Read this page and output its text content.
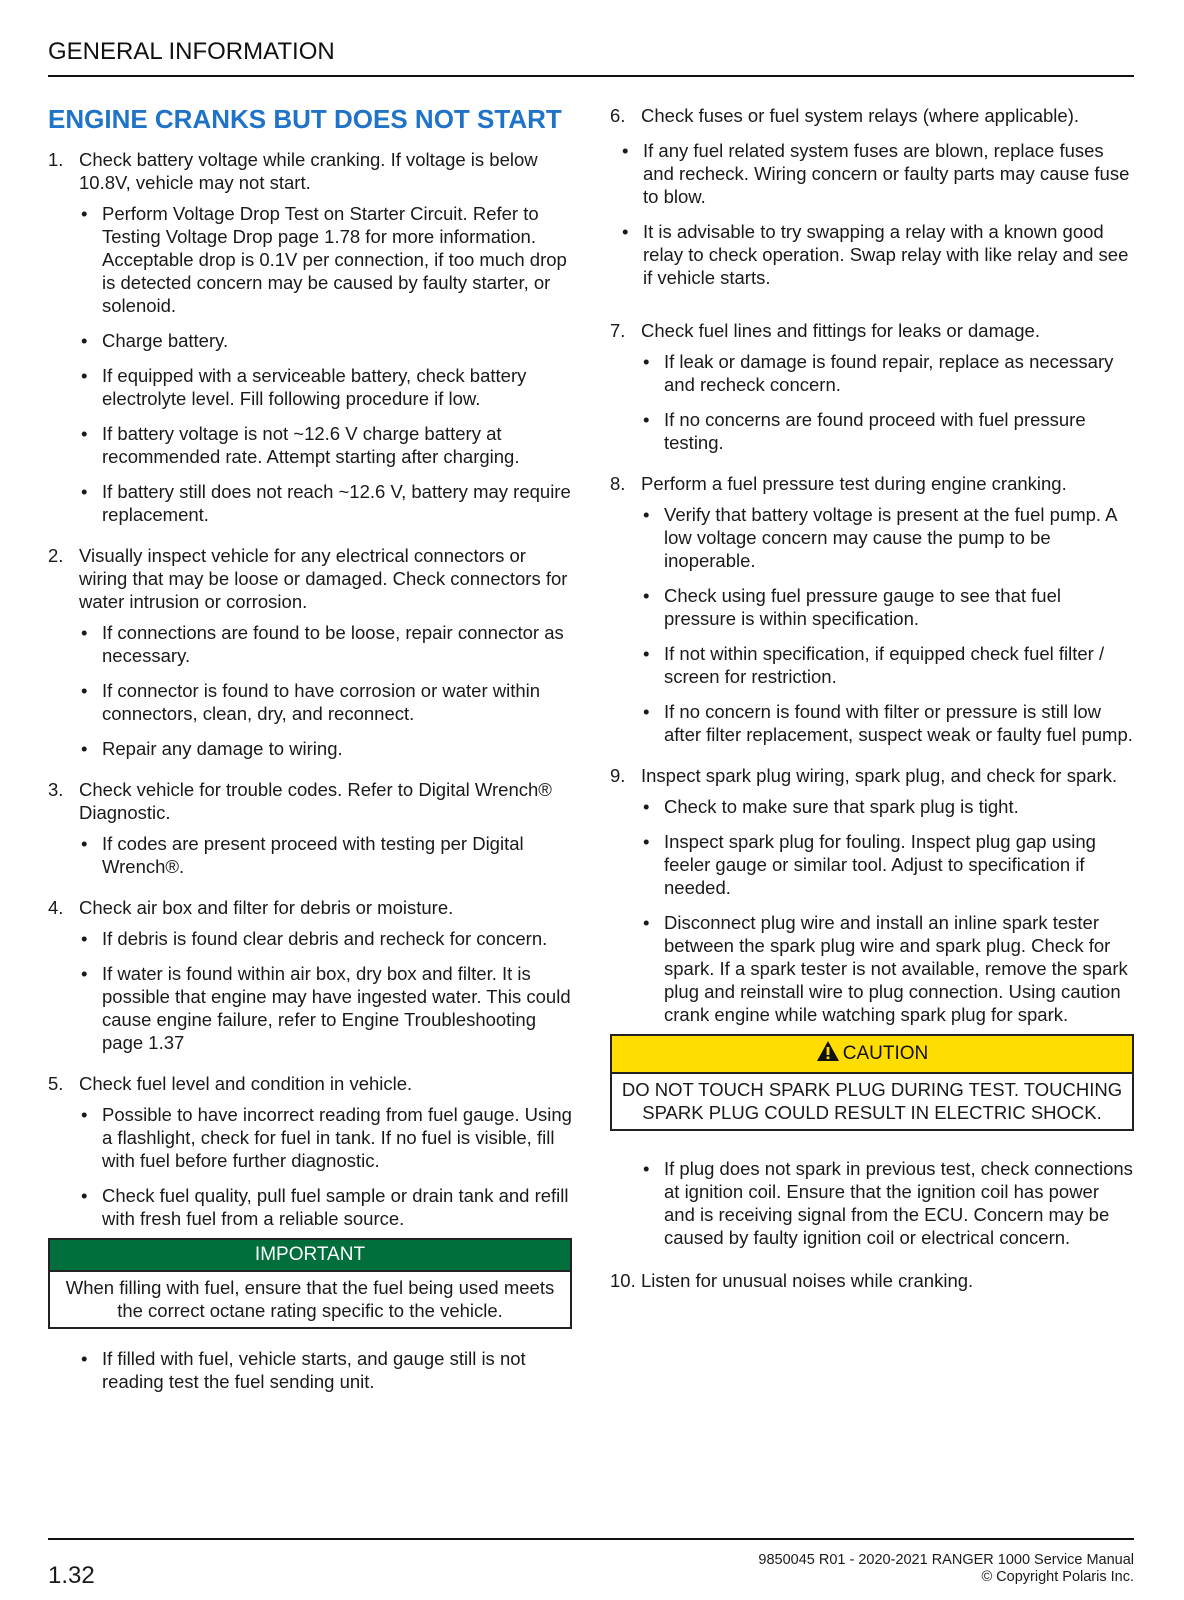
GENERAL INFORMATION
ENGINE CRANKS BUT DOES NOT START
1. Check battery voltage while cranking. If voltage is below 10.8V, vehicle may not start.
• Perform Voltage Drop Test on Starter Circuit. Refer to Testing Voltage Drop page 1.78 for more information. Acceptable drop is 0.1V per connection, if too much drop is detected concern may be caused by faulty starter, or solenoid.
• Charge battery.
• If equipped with a serviceable battery, check battery electrolyte level. Fill following procedure if low.
• If battery voltage is not ~12.6 V charge battery at recommended rate. Attempt starting after charging.
• If battery still does not reach ~12.6 V, battery may require replacement.
2. Visually inspect vehicle for any electrical connectors or wiring that may be loose or damaged. Check connectors for water intrusion or corrosion.
• If connections are found to be loose, repair connector as necessary.
• If connector is found to have corrosion or water within connectors, clean, dry, and reconnect.
• Repair any damage to wiring.
3. Check vehicle for trouble codes. Refer to Digital Wrench® Diagnostic.
• If codes are present proceed with testing per Digital Wrench®.
4. Check air box and filter for debris or moisture.
• If debris is found clear debris and recheck for concern.
• If water is found within air box, dry box and filter. It is possible that engine may have ingested water. This could cause engine failure, refer to Engine Troubleshooting page 1.37
5. Check fuel level and condition in vehicle.
• Possible to have incorrect reading from fuel gauge. Using a flashlight, check for fuel in tank. If no fuel is visible, fill with fuel before further diagnostic.
• Check fuel quality, pull fuel sample or drain tank and refill with fresh fuel from a reliable source.
IMPORTANT
When filling with fuel, ensure that the fuel being used meets the correct octane rating specific to the vehicle.
• If filled with fuel, vehicle starts, and gauge still is not reading test the fuel sending unit.
6. Check fuses or fuel system relays (where applicable).
• If any fuel related system fuses are blown, replace fuses and recheck. Wiring concern or faulty parts may cause fuse to blow.
• It is advisable to try swapping a relay with a known good relay to check operation. Swap relay with like relay and see if vehicle starts.
7. Check fuel lines and fittings for leaks or damage.
• If leak or damage is found repair, replace as necessary and recheck concern.
• If no concerns are found proceed with fuel pressure testing.
8. Perform a fuel pressure test during engine cranking.
• Verify that battery voltage is present at the fuel pump. A low voltage concern may cause the pump to be inoperable.
• Check using fuel pressure gauge to see that fuel pressure is within specification.
• If not within specification, if equipped check fuel filter / screen for restriction.
• If no concern is found with filter or pressure is still low after filter replacement, suspect weak or faulty fuel pump.
9. Inspect spark plug wiring, spark plug, and check for spark.
• Check to make sure that spark plug is tight.
• Inspect spark plug for fouling. Inspect plug gap using feeler gauge or similar tool. Adjust to specification if needed.
• Disconnect plug wire and install an inline spark tester between the spark plug wire and spark plug. Check for spark. If a spark tester is not available, remove the spark plug and reinstall wire to plug connection. Using caution crank engine while watching spark plug for spark.
CAUTION
DO NOT TOUCH SPARK PLUG DURING TEST. TOUCHING SPARK PLUG COULD RESULT IN ELECTRIC SHOCK.
• If plug does not spark in previous test, check connections at ignition coil. Ensure that the ignition coil has power and is receiving signal from the ECU. Concern may be caused by faulty ignition coil or electrical concern.
10. Listen for unusual noises while cranking.
1.32
9850045 R01 - 2020-2021 RANGER 1000 Service Manual
© Copyright Polaris Inc.
